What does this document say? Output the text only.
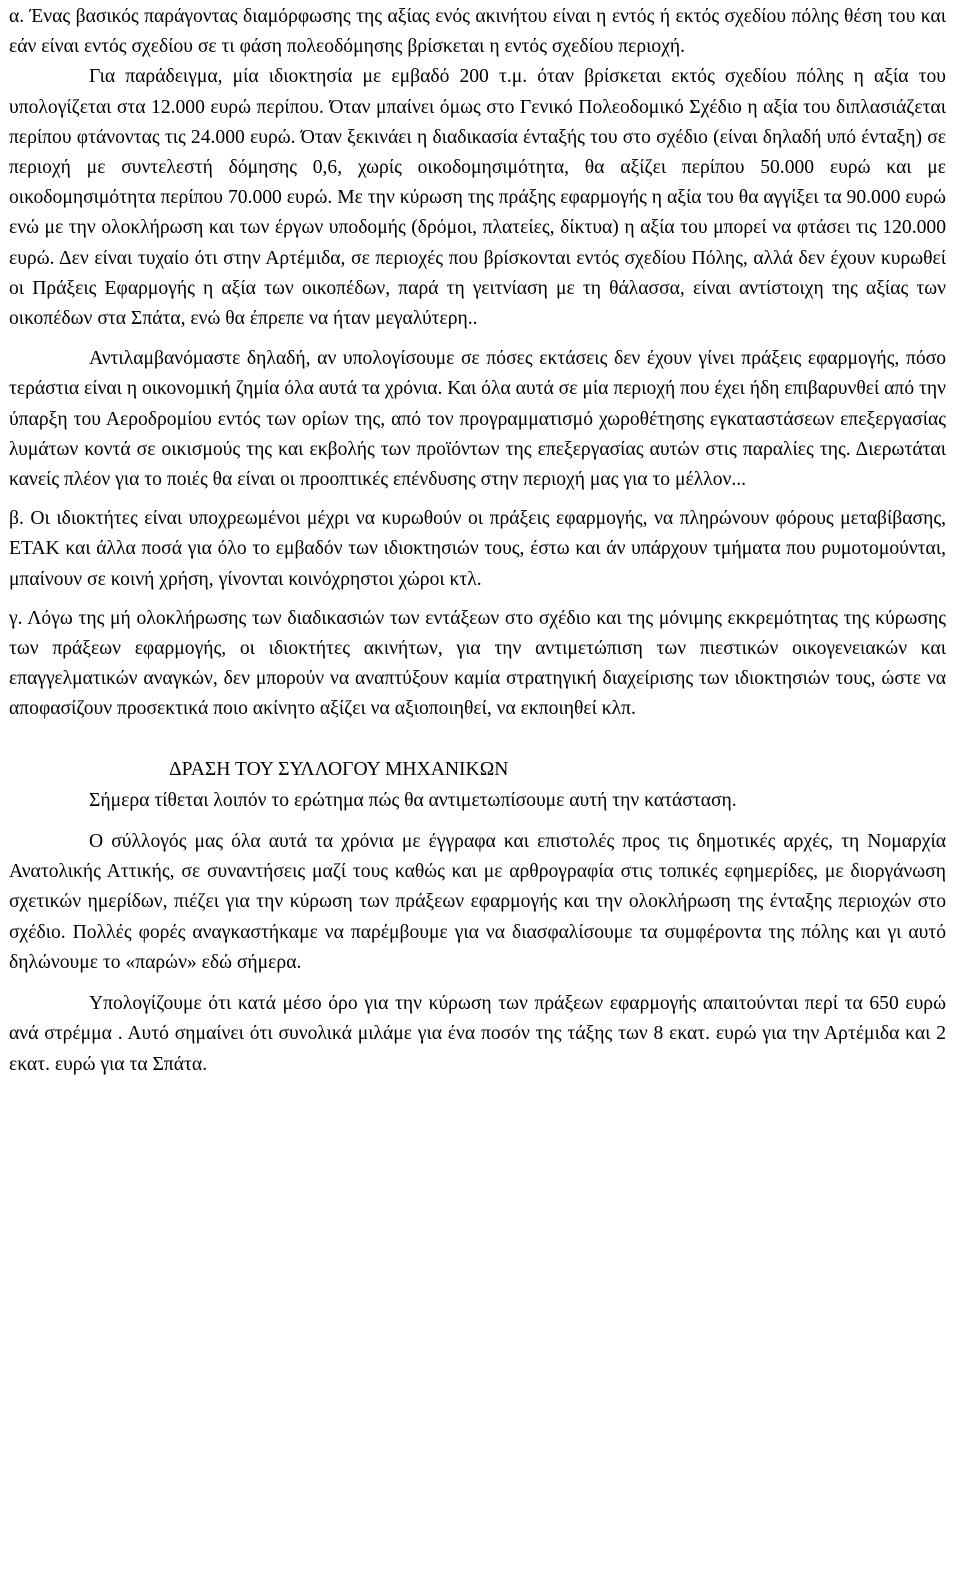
α. Ένας βασικός παράγοντας διαμόρφωσης της αξίας ενός ακινήτου είναι η εντός ή εκτός σχεδίου πόλης θέση του και εάν είναι εντός σχεδίου σε τι φάση πολεοδόμησης βρίσκεται η εντός σχεδίου περιοχή.

Για παράδειγμα, μία ιδιοκτησία με εμβαδό 200 τ.μ. όταν βρίσκεται εκτός σχεδίου πόλης η αξία του υπολογίζεται στα 12.000 ευρώ περίπου. Όταν μπαίνει όμως στο Γενικό Πολεοδομικό Σχέδιο η αξία του διπλασιάζεται περίπου φτάνοντας τις 24.000 ευρώ. Όταν ξεκινάει η διαδικασία ένταξής του στο σχέδιο (είναι δηλαδή υπό ένταξη) σε περιοχή με συντελεστή δόμησης 0,6, χωρίς οικοδομησιμότητα, θα αξίζει περίπου 50.000 ευρώ και με οικοδομησιμότητα περίπου 70.000 ευρώ. Με την κύρωση της πράξης εφαρμογής η αξία του θα αγγίξει τα 90.000 ευρώ ενώ με την ολοκλήρωση και των έργων υποδομής (δρόμοι, πλατείες, δίκτυα) η αξία του μπορεί να φτάσει τις 120.000 ευρώ. Δεν είναι τυχαίο ότι στην Αρτέμιδα, σε περιοχές που βρίσκονται εντός σχεδίου Πόλης, αλλά δεν έχουν κυρωθεί οι Πράξεις Εφαρμογής η αξία των οικοπέδων, παρά τη γειτνίαση με τη θάλασσα, είναι αντίστοιχη της αξίας των οικοπέδων στα Σπάτα, ενώ θα έπρεπε να ήταν μεγαλύτερη..

Αντιλαμβανόμαστε δηλαδή, αν υπολογίσουμε σε πόσες εκτάσεις δεν έχουν γίνει πράξεις εφαρμογής, πόσο τεράστια είναι η οικονομική ζημία όλα αυτά τα χρόνια. Και όλα αυτά σε μία περιοχή που έχει ήδη επιβαρυνθεί από την ύπαρξη του Αεροδρομίου εντός των ορίων της, από τον προγραμματισμό χωροθέτησης εγκαταστάσεων επεξεργασίας λυμάτων κοντά σε οικισμούς της και εκβολής των προϊόντων της επεξεργασίας αυτών στις παραλίες της. Διερωτάται κανείς πλέον για το ποιές θα είναι οι προοπτικές επένδυσης στην περιοχή μας για το μέλλον...

β. Οι ιδιοκτήτες είναι υποχρεωμένοι μέχρι να κυρωθούν οι πράξεις εφαρμογής, να πληρώνουν φόρους μεταβίβασης, ΕΤΑΚ και άλλα ποσά για όλο το εμβαδόν των ιδιοκτησιών τους, έστω και άν υπάρχουν τμήματα που ρυμοτομούνται, μπαίνουν σε κοινή χρήση, γίνονται κοινόχρηστοι χώροι κτλ.

γ. Λόγω της μή ολοκλήρωσης των διαδικασιών των εντάξεων στο σχέδιο και της μόνιμης εκκρεμότητας της κύρωσης των πράξεων εφαρμογής, οι ιδιοκτήτες ακινήτων, για την αντιμετώπιση των πιεστικών οικογενειακών και επαγγελματικών αναγκών, δεν μπορούν να αναπτύξουν καμία στρατηγική διαχείρισης των ιδιοκτησιών τους, ώστε να αποφασίζουν προσεκτικά ποιο ακίνητο αξίζει να αξιοποιηθεί, να εκποιηθεί κλπ.

ΔΡΑΣΗ ΤΟΥ ΣΥΛΛΟΓΟΥ ΜΗΧΑΝΙΚΩΝ

Σήμερα τίθεται λοιπόν το ερώτημα πώς θα αντιμετωπίσουμε αυτή την κατάσταση.

Ο σύλλογός μας όλα αυτά τα χρόνια με έγγραφα και επιστολές προς τις δημοτικές αρχές, τη Νομαρχία Ανατολικής Αττικής, σε συναντήσεις μαζί τους καθώς και με αρθρογραφία στις τοπικές εφημερίδες, με διοργάνωση σχετικών ημερίδων, πιέζει για την κύρωση των πράξεων εφαρμογής και την ολοκλήρωση της ένταξης περιοχών στο σχέδιο. Πολλές φορές αναγκαστήκαμε να παρέμβουμε για να διασφαλίσουμε τα συμφέροντα της πόλης και γι αυτό δηλώνουμε το «παρών» εδώ σήμερα.

Υπολογίζουμε ότι κατά μέσο όρο για την κύρωση των πράξεων εφαρμογής απαιτούνται περί τα 650 ευρώ ανά στρέμμα . Αυτό σημαίνει ότι συνολικά μιλάμε για ένα ποσόν της τάξης των 8 εκατ. ευρώ για την Αρτέμιδα και 2 εκατ. ευρώ για τα Σπάτα.
